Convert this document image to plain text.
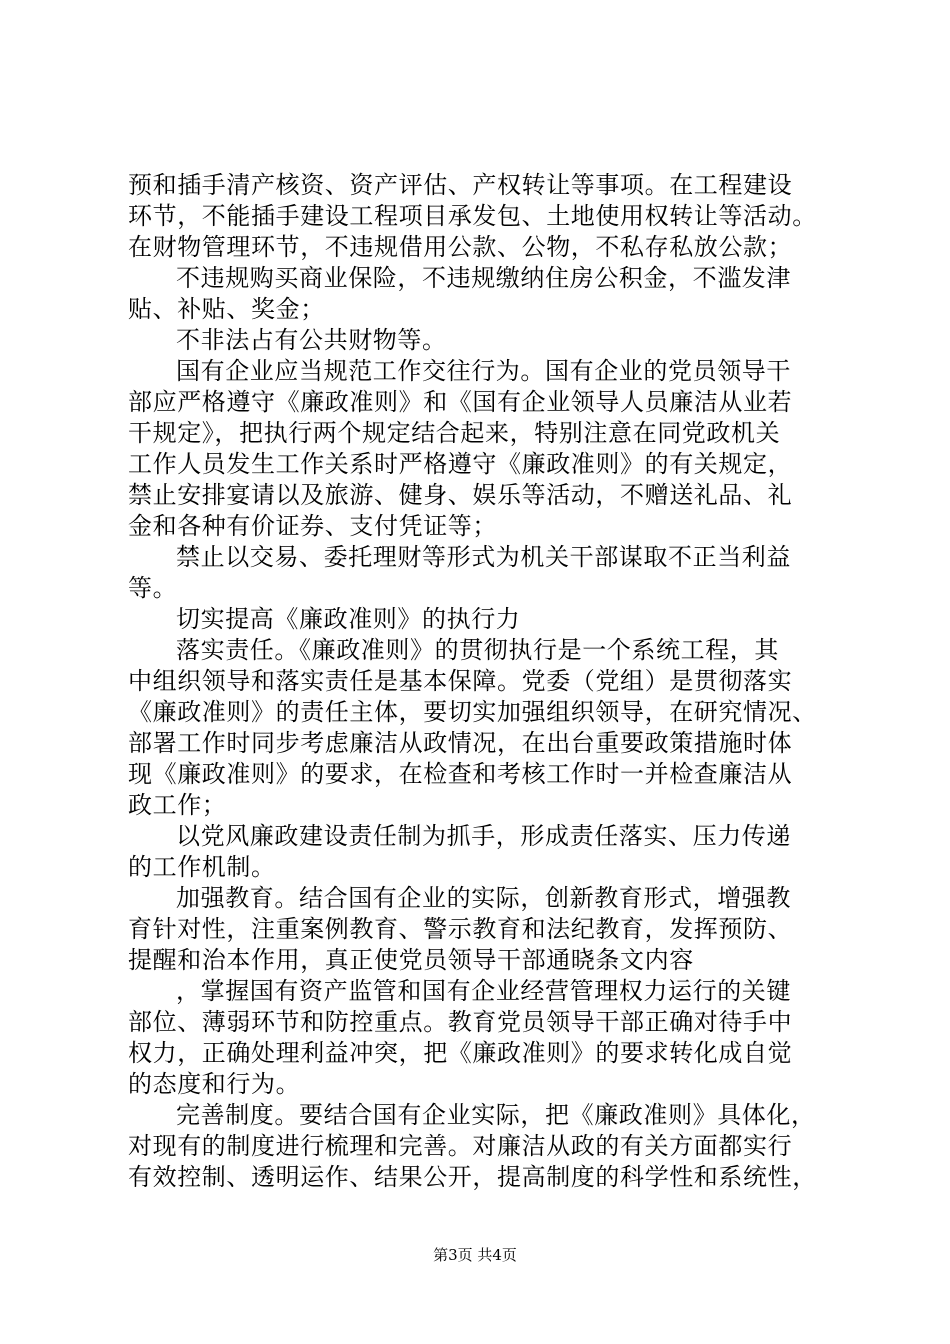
预和插手清产核资、资产评估、产权转让等事项。在工程建设
环节，不能插手建设工程项目承发包、土地使用权转让等活动。
在财物管理环节，不违规借用公款、公物，不私存私放公款；
不违规购买商业保险，不违规缴纳住房公积金，不滥发津
贴、补贴、奖金；
不非法占有公共财物等。
国有企业应当规范工作交往行为。国有企业的党员领导干
部应严格遵守《廉政准则》和《国有企业领导人员廉洁从业若
干规定》，把执行两个规定结合起来，特别注意在同党政机关
工作人员发生工作关系时严格遵守《廉政准则》的有关规定，
禁止安排宴请以及旅游、健身、娱乐等活动，不赠送礼品、礼
金和各种有价证券、支付凭证等；
禁止以交易、委托理财等形式为机关干部谋取不正当利益
等。
切实提高《廉政准则》的执行力
落实责任。《廉政准则》的贯彻执行是一个系统工程，其
中组织领导和落实责任是基本保障。党委（党组）是贯彻落实
《廉政准则》的责任主体，要切实加强组织领导，在研究情况、
部署工作时同步考虑廉洁从政情况，在出台重要政策措施时体
现《廉政准则》的要求，在检查和考核工作时一并检查廉洁从
政工作；
以党风廉政建设责任制为抓手，形成责任落实、压力传递
的工作机制。
加强教育。结合国有企业的实际，创新教育形式，增强教
育针对性，注重案例教育、警示教育和法纪教育，发挥预防、
提醒和治本作用，真正使党员领导干部通晓条文内容
，掌握国有资产监管和国有企业经营管理权力运行的关键
部位、薄弱环节和防控重点。教育党员领导干部正确对待手中
权力，正确处理利益冲突，把《廉政准则》的要求转化成自觉
的态度和行为。
完善制度。要结合国有企业实际，把《廉政准则》具体化，
对现有的制度进行梳理和完善。对廉洁从政的有关方面都实行
有效控制、透明运作、结果公开，提高制度的科学性和系统性，
第3页 共4页
